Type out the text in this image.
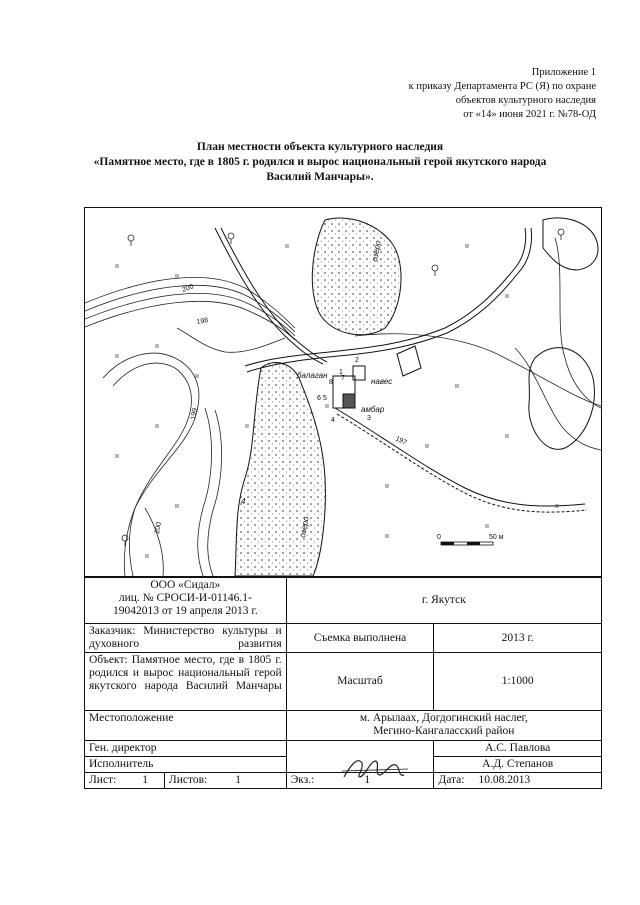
Приложение 1
к приказу Департамента РС (Я) по охране
объектов культурного наследия
от «14» июня 2021 г. №78-ОД
План местности объекта культурного наследия
«Памятное место, где в 1805 г. родился и вырос национальный герой якутского народа
Василий Манчары».
ıı
ıı
ıı
ıı
ıı
ıı	ıı
ıı
ıı
ıı
ıı
ıı
ıı
ıı
ıı	ıı
ıı
ıı
ıı
ıı
ıı
озеро
озеро
балаган
навес
амбар
2
8
7
6 5
4	3
1
4
200
198
197
199
200
0	50 м
ООО «Сидал»
лиц. № СРОСИ-И-01146.1-
19042013 от 19 апреля 2013 г.		г. Якутск	
Заказчик: Министерство культуры и духовного развития		Съемка выполнена	2013 г.
Объект: Памятное место, где в 1805 г. родился и вырос национальный герой якутского народа Василий Манчары		Масштаб	1:1000
Местоположение		м. Арылаах, Догдогинский наслег,
Мегино-Кангаласский район	

Ген. директор			А.С. Павлова
Исполнитель			А.Д. Степанов
Лист: 1	Листов: 1	Экз.: 1	Дата: 10.08.2013
